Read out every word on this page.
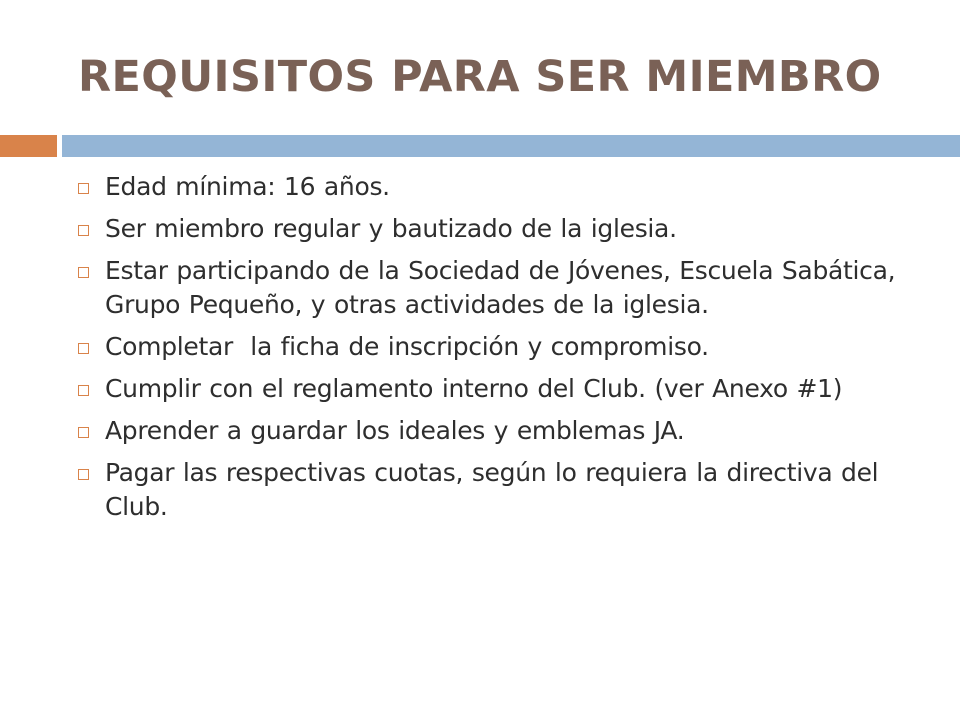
REQUISITOS PARA SER MIEMBRO
Edad mínima: 16 años.
Ser miembro regular y bautizado de la iglesia.
Estar participando de la Sociedad de Jóvenes, Escuela Sabática, Grupo Pequeño, y otras actividades de la iglesia.
Completar  la ficha de inscripción y compromiso.
Cumplir con el reglamento interno del Club. (ver Anexo #1)
Aprender a guardar los ideales y emblemas JA.
Pagar las respectivas cuotas, según lo requiera la directiva del Club.
